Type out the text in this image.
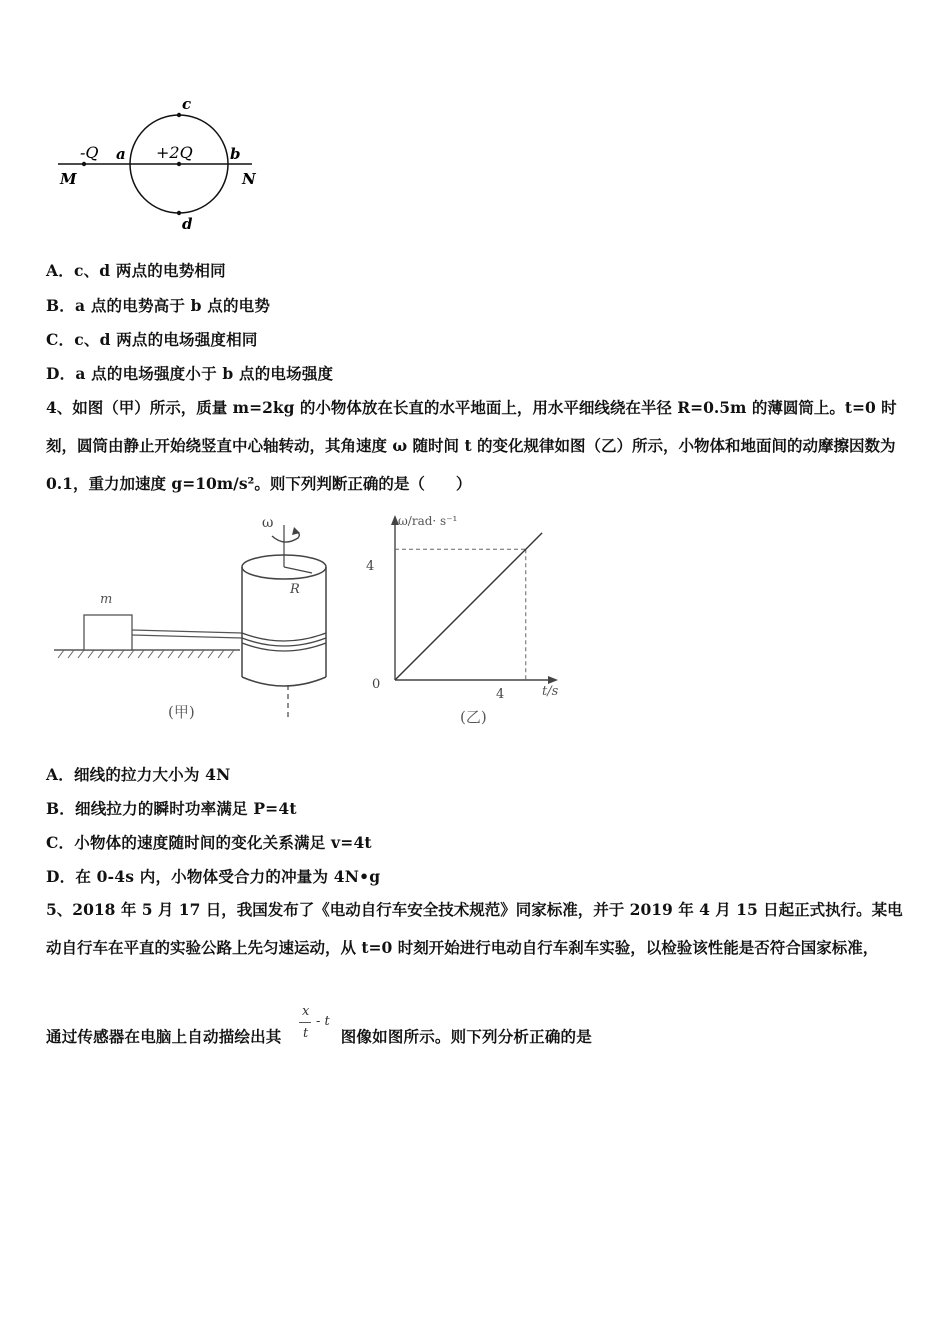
-Q	+2Q
a	b
c
d
M	N
A．c、d 两点的电势相同
B．a 点的电势高于 b 点的电势
C．c、d 两点的电场强度相同
D．a 点的电场强度小于 b 点的电场强度
4、如图（甲）所示，质量 m=2kg 的小物体放在长直的水平地面上，用水平细线绕在半径 R=0.5m 的薄圆筒上。t=0 时刻，圆筒由静止开始绕竖直中心轴转动，其角速度 ω 随时间 t 的变化规律如图（乙）所示，小物体和地面间的动摩擦因数为 0.1，重力加速度 g=10m/s²。则下列判断正确的是（　　）
m
ω
R
(甲)
ω/rad· s⁻¹
t/s
0
4
4
(乙)
A．细线的拉力大小为 4N
B．细线拉力的瞬时功率满足 P=4t
C．小物体的速度随时间的变化关系满足 v=4t
D．在 0-4s 内，小物体受合力的冲量为 4N•g
5、2018 年 5 月 17 日，我国发布了《电动自行车安全技术规范》同家标准，并于 2019 年 4 月 15 日起正式执行。某电动自行车在平直的实验公路上先匀速运动，从 t=0 时刻开始进行电动自行车刹车实验，以检验该性能是否符合国家标准，
通过传感器在电脑上自动描绘出其	图像如图所示。则下列分析正确的是
x
t
- t
